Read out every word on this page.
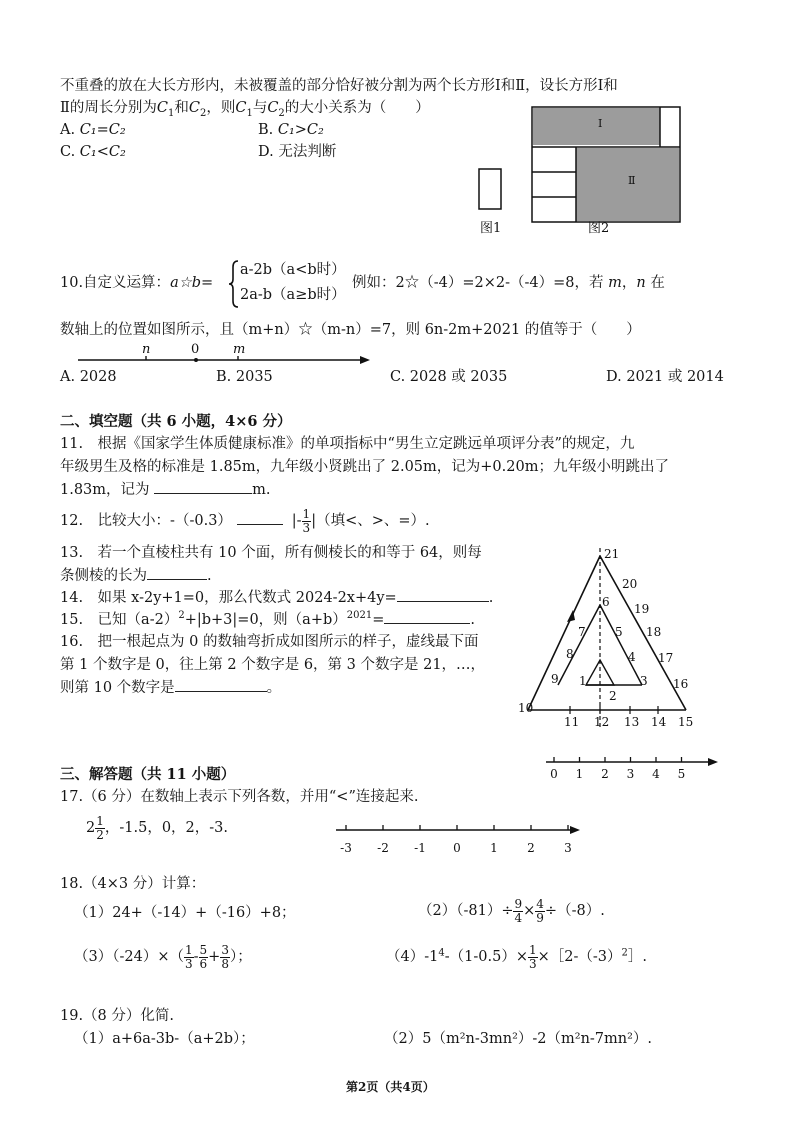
不重叠的放在大长方形内，未被覆盖的部分恰好被分割为两个长方形Ⅰ和Ⅱ，设长方形Ⅰ和
Ⅱ的周长分别为$C_1$和$C_2$，则$C_1$与$C_2$的大小关系为（　　）
A. C₁=C₂	B. C₁>C₂
C. C₁<C₂	D. 无法判断
I
Ⅱ
图1	图2
10.自定义运算：a☆b=
a-2b（a<b时）
2a-b（a≥b时）
例如：2☆（-4）=2×2-（-4）=8，若 m，n 在
数轴上的位置如图所示，且（m+n）☆（m-n）=7，则 6n-2m+2021 的值等于（　　）
n	0	m
A. 2028	B. 2035	C. 2028 或 2035	D. 2021 或 2014
二、填空题（共 6 小题，4×6 分）
11.　根据《国家学生体质健康标准》的单项指标中“男生立定跳远单项评分表”的规定，九
年级男生及格的标准是 1.85m，九年级小贤跳出了 2.05m，记为+0.20m；九年级小明跳出了
1.83m，记为	m.
12.　比较大小：-（-0.3）	|- $\frac{1}{3}$ |（填<、>、=）.
13.　若一个直棱柱共有 10 个面，所有侧棱长的和等于 64，则每
条侧棱的长为	.
14.　如果 x-2y+1=0，那么代数式 2024-2x+4y=	.
15.　已知$(a-2)^2+|b+3|=0$，则$(a+b)^{2021}=$	.
16.　把一根起点为 0 的数轴弯折成如图所示的样子，虚线最下面
第 1 个数字是 0，往上第 2 个数字是 6，第 3 个数字是 21，…，
则第 10 个数字是	。
21
20
19
18
17
16
6
7 5
8	4
9 1	3
2
10
11 12 13 14 15
0 1 2 3 4 5
三、解答题（共 11 小题）
17.（6 分）在数轴上表示下列各数，并用“<”连接起来.
$2 \frac{1}{2}$ ，-1.5，0，2，-3.
-3 -2 -1 0 1 2 3
18.（4×3 分）计算：
（1）24+（-14）+（-16）+8；	$(2)(-81)\div \frac{9}{4} \times \frac{4}{9} \div(-8)$.
$(3)(-24)\times( \frac{1}{3} - \frac{5}{6} + \frac{3}{8}$ ）；	$(4)-1^4-(1-0.5)\times \frac{1}{3}$ $\times[2-(-3)^2]$.
19.（8 分）化简.
（1）a+6a-3b-（a+2b）；	（2）5（m²n-3mn²）-2（m²n-7mn²）.
第2页（共4页）
